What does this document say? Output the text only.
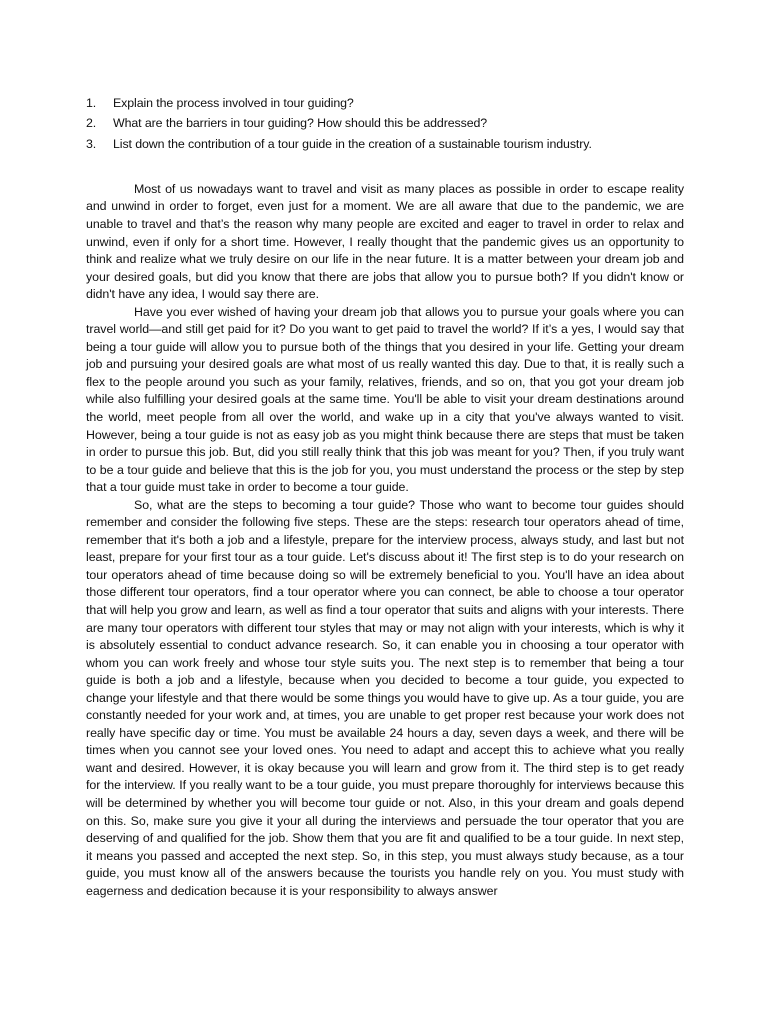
1.	Explain the process involved in tour guiding?
2.	What are the barriers in tour guiding? How should this be addressed?
3.	List down the contribution of a tour guide in the creation of a sustainable tourism industry.

Most of us nowadays want to travel and visit as many places as possible in order to escape reality and unwind in order to forget, even just for a moment. We are all aware that due to the pandemic, we are unable to travel and that’s the reason why many people are excited and eager to travel in order to relax and unwind, even if only for a short time. However, I really thought that the pandemic gives us an opportunity to think and realize what we truly desire on our life in the near future. It is a matter between your dream job and your desired goals, but did you know that there are jobs that allow you to pursue both? If you didn't know or didn't have any idea, I would say there are.

Have you ever wished of having your dream job that allows you to pursue your goals where you can travel world—and still get paid for it? Do you want to get paid to travel the world? If it’s a yes, I would say that being a tour guide will allow you to pursue both of the things that you desired in your life. Getting your dream job and pursuing your desired goals are what most of us really wanted this day. Due to that, it is really such a flex to the people around you such as your family, relatives, friends, and so on, that you got your dream job while also fulfilling your desired goals at the same time. You'll be able to visit your dream destinations around the world, meet people from all over the world, and wake up in a city that you've always wanted to visit. However, being a tour guide is not as easy job as you might think because there are steps that must be taken in order to pursue this job. But, did you still really think that this job was meant for you? Then, if you truly want to be a tour guide and believe that this is the job for you, you must understand the process or the step by step that a tour guide must take in order to become a tour guide.

So, what are the steps to becoming a tour guide? Those who want to become tour guides should remember and consider the following five steps. These are the steps: research tour operators ahead of time, remember that it's both a job and a lifestyle, prepare for the interview process, always study, and last but not least, prepare for your first tour as a tour guide. Let's discuss about it! The first step is to do your research on tour operators ahead of time because doing so will be extremely beneficial to you. You'll have an idea about those different tour operators, find a tour operator where you can connect, be able to choose a tour operator that will help you grow and learn, as well as find a tour operator that suits and aligns with your interests. There are many tour operators with different tour styles that may or may not align with your interests, which is why it is absolutely essential to conduct advance research. So, it can enable you in choosing a tour operator with whom you can work freely and whose tour style suits you. The next step is to remember that being a tour guide is both a job and a lifestyle, because when you decided to become a tour guide, you expected to change your lifestyle and that there would be some things you would have to give up. As a tour guide, you are constantly needed for your work and, at times, you are unable to get proper rest because your work does not really have specific day or time. You must be available 24 hours a day, seven days a week, and there will be times when you cannot see your loved ones. You need to adapt and accept this to achieve what you really want and desired. However, it is okay because you will learn and grow from it. The third step is to get ready for the interview. If you really want to be a tour guide, you must prepare thoroughly for interviews because this will be determined by whether you will become tour guide or not. Also, in this your dream and goals depend on this. So, make sure you give it your all during the interviews and persuade the tour operator that you are deserving of and qualified for the job. Show them that you are fit and qualified to be a tour guide. In next step, it means you passed and accepted the next step. So, in this step, you must always study because, as a tour guide, you must know all of the answers because the tourists you handle rely on you. You must study with eagerness and dedication because it is your responsibility to always answer
